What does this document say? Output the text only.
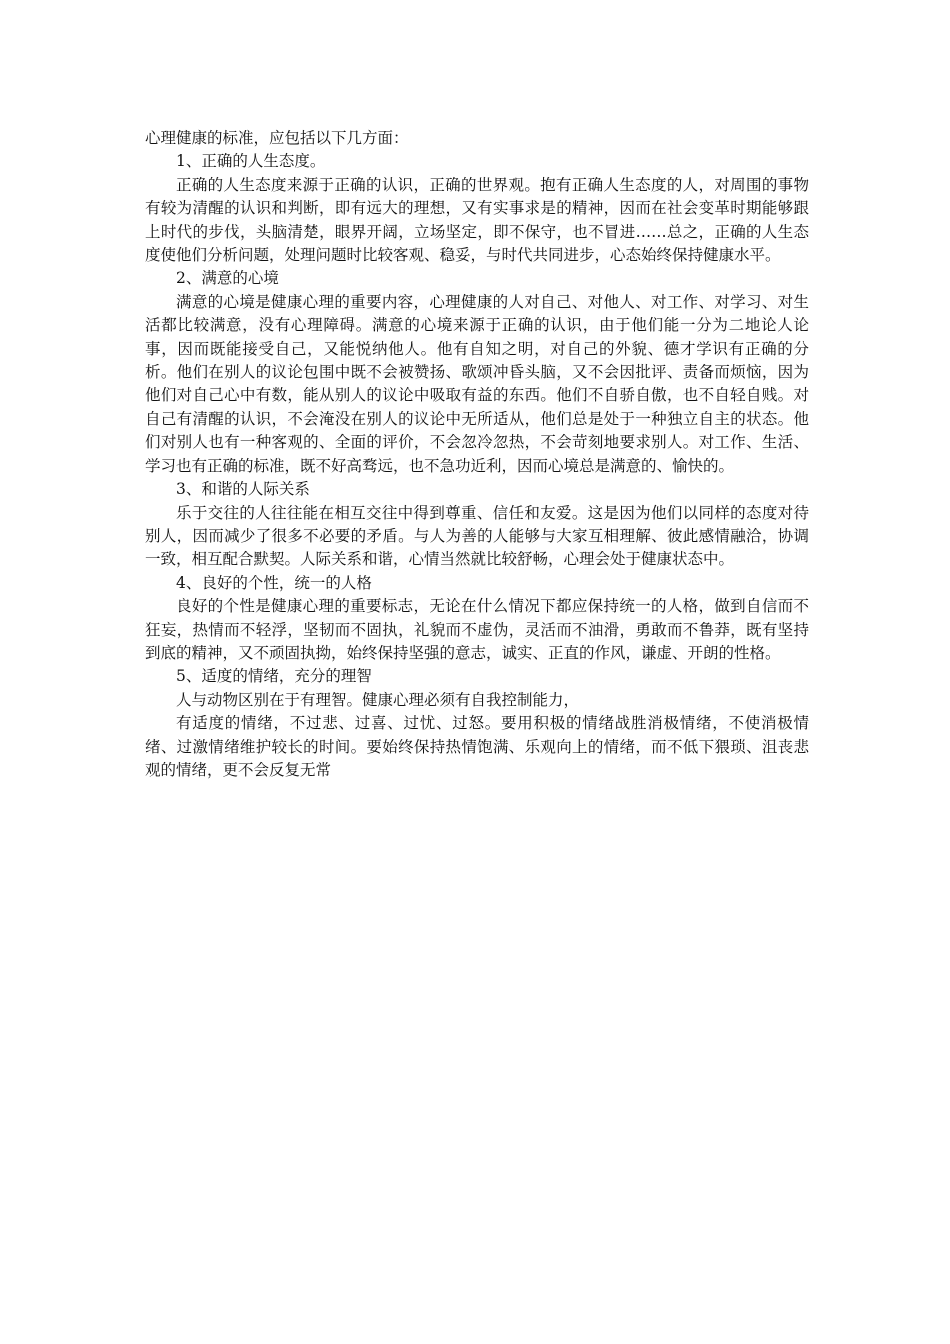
心理健康的标准，应包括以下几方面：

1、正确的人生态度。

正确的人生态度来源于正确的认识，正确的世界观。抱有正确人生态度的人，对周围的事物有较为清醒的认识和判断，即有远大的理想，又有实事求是的精神，因而在社会变革时期能够跟上时代的步伐，头脑清楚，眼界开阔，立场坚定，即不保守，也不冒进……总之，正确的人生态度使他们分析问题，处理问题时比较客观、稳妥，与时代共同进步，心态始终保持健康水平。

2、满意的心境

满意的心境是健康心理的重要内容，心理健康的人对自己、对他人、对工作、对学习、对生活都比较满意，没有心理障碍。满意的心境来源于正确的认识，由于他们能一分为二地论人论事，因而既能接受自己，又能悦纳他人。他有自知之明，对自己的外貌、德才学识有正确的分析。他们在别人的议论包围中既不会被赞扬、歌颂冲昏头脑，又不会因批评、责备而烦恼，因为他们对自己心中有数，能从别人的议论中吸取有益的东西。他们不自骄自傲，也不自轻自贱。对自己有清醒的认识，不会淹没在别人的议论中无所适从，他们总是处于一种独立自主的状态。他们对别人也有一种客观的、全面的评价，不会忽冷忽热，不会苛刻地要求别人。对工作、生活、学习也有正确的标准，既不好高骛远，也不急功近利，因而心境总是满意的、愉快的。

3、和谐的人际关系

乐于交往的人往往能在相互交往中得到尊重、信任和友爱。这是因为他们以同样的态度对待别人，因而减少了很多不必要的矛盾。与人为善的人能够与大家互相理解、彼此感情融洽，协调一致，相互配合默契。人际关系和谐，心情当然就比较舒畅，心理会处于健康状态中。

4、良好的个性，统一的人格

良好的个性是健康心理的重要标志，无论在什么情况下都应保持统一的人格，做到自信而不狂妄，热情而不轻浮，坚韧而不固执，礼貌而不虚伪，灵活而不油滑，勇敢而不鲁莽，既有坚持到底的精神，又不顽固执拗，始终保持坚强的意志，诚实、正直的作风，谦虚、开朗的性格。

5、适度的情绪，充分的理智

人与动物区别在于有理智。健康心理必须有自我控制能力，

有适度的情绪，不过悲、过喜、过忧、过怒。要用积极的情绪战胜消极情绪，不使消极情绪、过激情绪维护较长的时间。要始终保持热情饱满、乐观向上的情绪，而不低下猥琐、沮丧悲观的情绪，更不会反复无常
